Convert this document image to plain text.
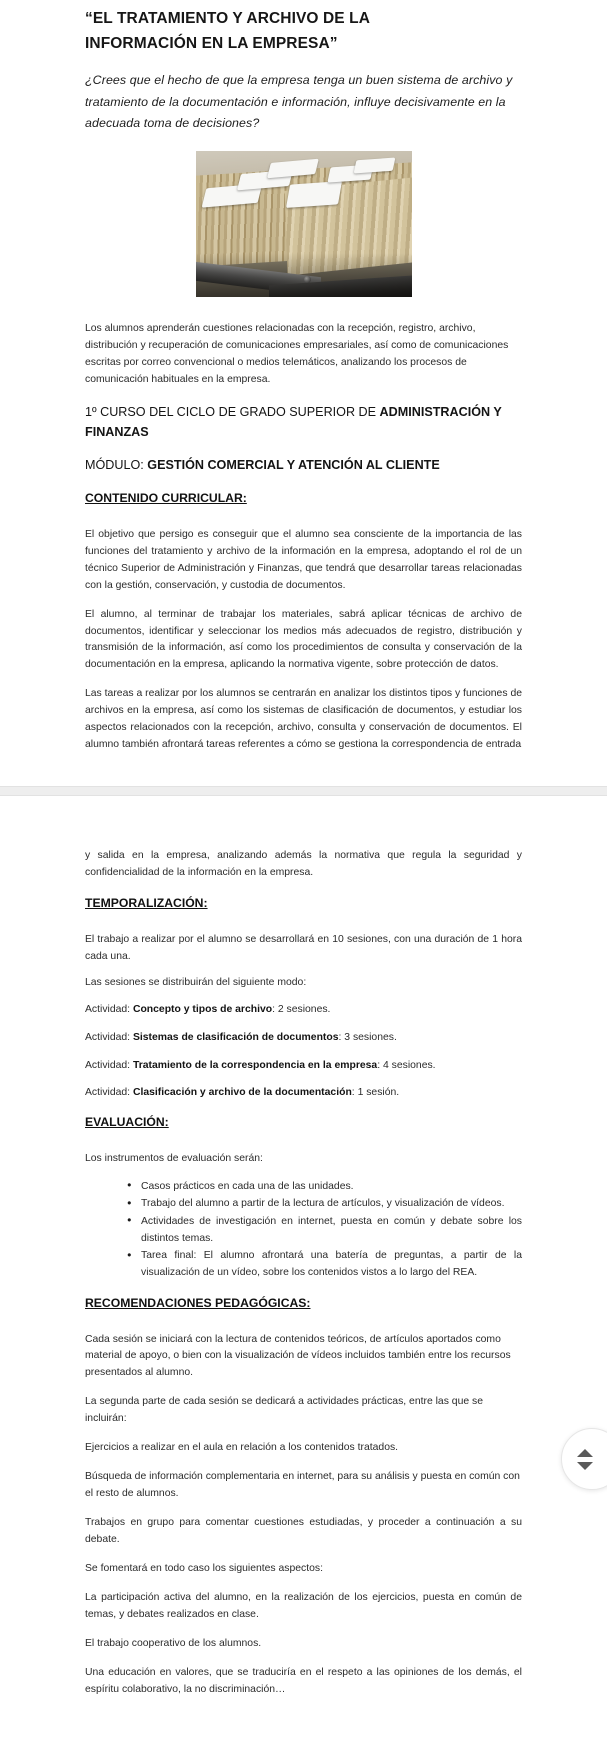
“EL TRATAMIENTO Y ARCHIVO DE LA INFORMACIÓN EN LA EMPRESA”

¿Crees que el hecho de que la empresa tenga un buen sistema de archivo y tratamiento de la documentación e información, influye decisivamente en la adecuada toma de decisiones?

Los alumnos aprenderán cuestiones relacionadas con la recepción, registro, archivo, distribución y recuperación de comunicaciones empresariales, así como de comunicaciones escritas por correo convencional o medios telemáticos, analizando los procesos de comunicación habituales en la empresa.

1º CURSO DEL CICLO DE GRADO SUPERIOR DE ADMINISTRACIÓN Y FINANZAS

MÓDULO: GESTIÓN COMERCIAL Y ATENCIÓN AL CLIENTE

CONTENIDO CURRICULAR:

El objetivo que persigo es conseguir que el alumno sea consciente de la importancia de las funciones del tratamiento y archivo de la información en la empresa, adoptando el rol de un técnico Superior de Administración y Finanzas, que tendrá que desarrollar tareas relacionadas con la gestión, conservación, y custodia de documentos.

El alumno, al terminar de trabajar los materiales, sabrá aplicar técnicas de archivo de documentos, identificar y seleccionar los medios más adecuados de registro, distribución y transmisión de la información, así como los procedimientos de consulta y conservación de la documentación en la empresa, aplicando la normativa vigente, sobre protección de datos.

Las tareas a realizar por los alumnos se centrarán en analizar los distintos tipos y funciones de archivos en la empresa, así como los sistemas de clasificación de documentos, y estudiar los aspectos relacionados con la recepción, archivo, consulta y conservación de documentos. El alumno también afrontará tareas referentes a cómo se gestiona la correspondencia de entrada

y salida en la empresa, analizando además la normativa que regula la seguridad y confidencialidad de la información en la empresa.

TEMPORALIZACIÓN:

El trabajo a realizar por el alumno se desarrollará en 10 sesiones, con una duración de 1 hora cada una.

Las sesiones se distribuirán del siguiente modo:

Actividad: Concepto y tipos de archivo: 2 sesiones.

Actividad: Sistemas de clasificación de documentos: 3 sesiones.

Actividad: Tratamiento de la correspondencia en la empresa: 4 sesiones.

Actividad: Clasificación y archivo de la documentación: 1 sesión.

EVALUACIÓN:

Los instrumentos de evaluación serán:

● Casos prácticos en cada una de las unidades.
● Trabajo del alumno a partir de la lectura de artículos, y visualización de vídeos.
● Actividades de investigación en internet, puesta en común y debate sobre los distintos temas.
● Tarea final: El alumno afrontará una batería de preguntas, a partir de la visualización de un vídeo, sobre los contenidos vistos a lo largo del REA.
RECOMENDACIONES PEDAGÓGICAS:

Cada sesión se iniciará con la lectura de contenidos teóricos, de artículos aportados como material de apoyo, o bien con la visualización de vídeos incluidos también entre los recursos presentados al alumno.

La segunda parte de cada sesión se dedicará a actividades prácticas, entre las que se incluirán:

Ejercicios a realizar en el aula en relación a los contenidos tratados.

Búsqueda de información complementaria en internet, para su análisis y puesta en común con el resto de alumnos.

Trabajos en grupo para comentar cuestiones estudiadas, y proceder a continuación a su debate.

Se fomentará en todo caso los siguientes aspectos:

La participación activa del alumno, en la realización de los ejercicios, puesta en común de temas, y debates realizados en clase.

El trabajo cooperativo de los alumnos.

Una educación en valores, que se traduciría en el respeto a las opiniones de los demás, el espíritu colaborativo, la no discriminación…
